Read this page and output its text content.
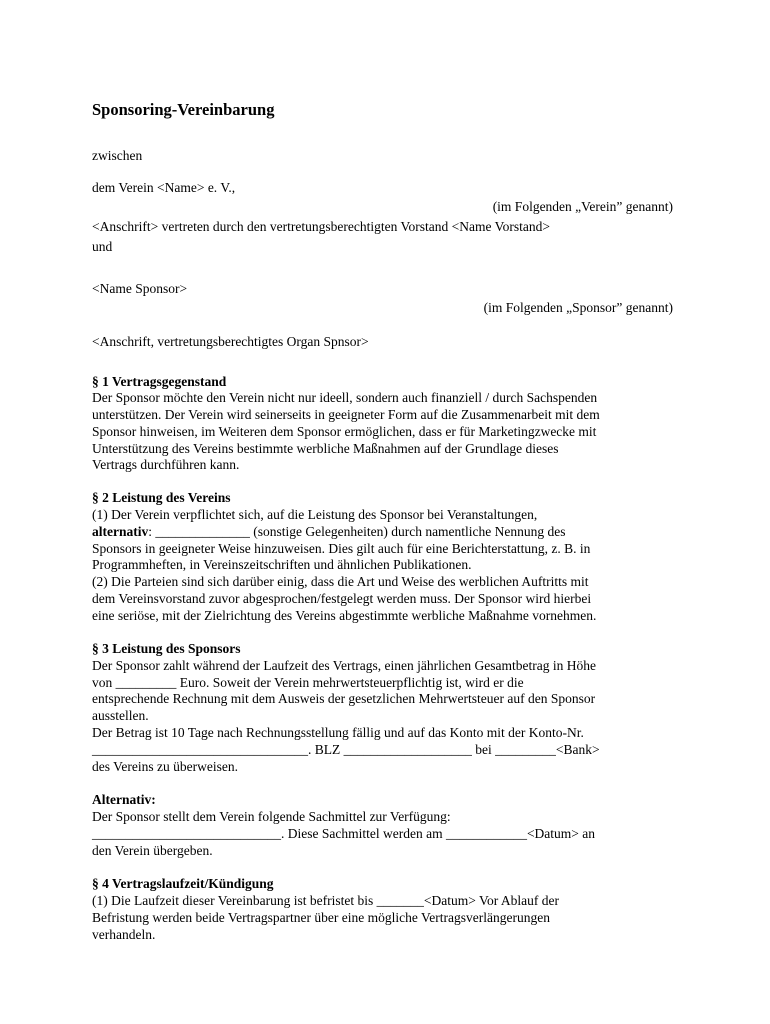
Sponsoring-Vereinbarung
zwischen
dem Verein <Name> e. V.,
(im Folgenden „Verein” genannt)
<Anschrift> vertreten durch den vertretungsberechtigten Vorstand <Name Vorstand>
und
<Name Sponsor>
(im Folgenden „Sponsor” genannt)
<Anschrift, vertretungsberechtigtes Organ Spnsor>
§ 1 Vertragsgegenstand
Der Sponsor möchte den Verein nicht nur ideell, sondern auch finanziell / durch Sachspenden
unterstützen. Der Verein wird seinerseits in geeigneter Form auf die Zusammenarbeit mit dem
Sponsor hinweisen, im Weiteren dem Sponsor ermöglichen, dass er für Marketingzwecke mit
Unterstützung des Vereins bestimmte werbliche Maßnahmen auf der Grundlage dieses
Vertrags durchführen kann.
§ 2 Leistung des Vereins
(1) Der Verein verpflichtet sich, auf die Leistung des Sponsor bei Veranstaltungen,
alternativ: ______________ (sonstige Gelegenheiten) durch namentliche Nennung des
Sponsors in geeigneter Weise hinzuweisen. Dies gilt auch für eine Berichterstattung, z. B. in
Programmheften, in Vereinszeitschriften und ähnlichen Publikationen.
(2) Die Parteien sind sich darüber einig, dass die Art und Weise des werblichen Auftritts mit
dem Vereinsvorstand zuvor abgesprochen/festgelegt werden muss. Der Sponsor wird hierbei
eine seriöse, mit der Zielrichtung des Vereins abgestimmte werbliche Maßnahme vornehmen.
§ 3 Leistung des Sponsors
Der Sponsor zahlt während der Laufzeit des Vertrags, einen jährlichen Gesamtbetrag in Höhe
von _________ Euro. Soweit der Verein mehrwertsteuerpflichtig ist, wird er die
entsprechende Rechnung mit dem Ausweis der gesetzlichen Mehrwertsteuer auf den Sponsor
ausstellen.
Der Betrag ist 10 Tage nach Rechnungsstellung fällig und auf das Konto mit der Konto-Nr.
________________________________. BLZ ___________________ bei _________<Bank>
des Vereins zu überweisen.
Alternativ:
Der Sponsor stellt dem Verein folgende Sachmittel zur Verfügung:
____________________________. Diese Sachmittel werden am ____________<Datum> an
den Verein übergeben.
§ 4 Vertragslaufzeit/Kündigung
(1) Die Laufzeit dieser Vereinbarung ist befristet bis _______<Datum> Vor Ablauf der
Befristung werden beide Vertragspartner über eine mögliche Vertragsverlängerungen
verhandeln.
